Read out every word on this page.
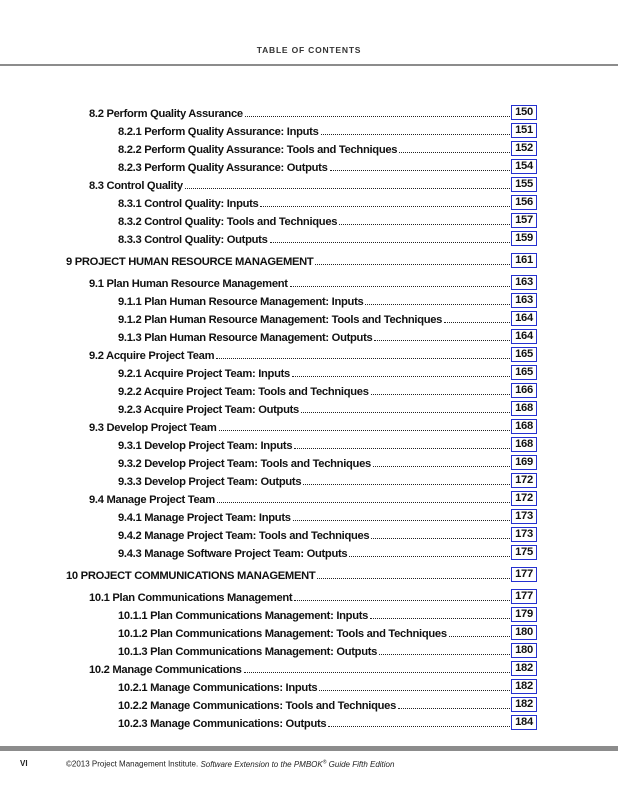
TABLE OF CONTENTS
8.2 Perform Quality Assurance	150
8.2.1 Perform Quality Assurance: Inputs	151
8.2.2 Perform Quality Assurance: Tools and Techniques	152
8.2.3 Perform Quality Assurance: Outputs	154
8.3 Control Quality	155
8.3.1 Control Quality: Inputs	156
8.3.2 Control Quality: Tools and Techniques	157
8.3.3 Control Quality: Outputs	159
9 PROJECT HUMAN RESOURCE MANAGEMENT	161
9.1 Plan Human Resource Management	163
9.1.1 Plan Human Resource Management: Inputs	163
9.1.2 Plan Human Resource Management: Tools and Techniques	164
9.1.3 Plan Human Resource Management: Outputs	164
9.2 Acquire Project Team	165
9.2.1 Acquire Project Team: Inputs	165
9.2.2 Acquire Project Team: Tools and Techniques	166
9.2.3 Acquire Project Team: Outputs	168
9.3 Develop Project Team	168
9.3.1 Develop Project Team: Inputs	168
9.3.2 Develop Project Team: Tools and Techniques	169
9.3.3 Develop Project Team: Outputs	172
9.4 Manage Project Team	172
9.4.1 Manage Project Team: Inputs	173
9.4.2 Manage Project Team: Tools and Techniques	173
9.4.3 Manage Software Project Team: Outputs	175
10 PROJECT COMMUNICATIONS MANAGEMENT	177
10.1 Plan Communications Management	177
10.1.1 Plan Communications Management: Inputs	179
10.1.2 Plan Communications Management: Tools and Techniques	180
10.1.3 Plan Communications Management: Outputs	180
10.2 Manage Communications	182
10.2.1 Manage Communications: Inputs	182
10.2.2 Manage Communications: Tools and Techniques	182
10.2.3 Manage Communications: Outputs	184
VI	©2013 Project Management Institute. Software Extension to the PMBOK® Guide Fifth Edition
